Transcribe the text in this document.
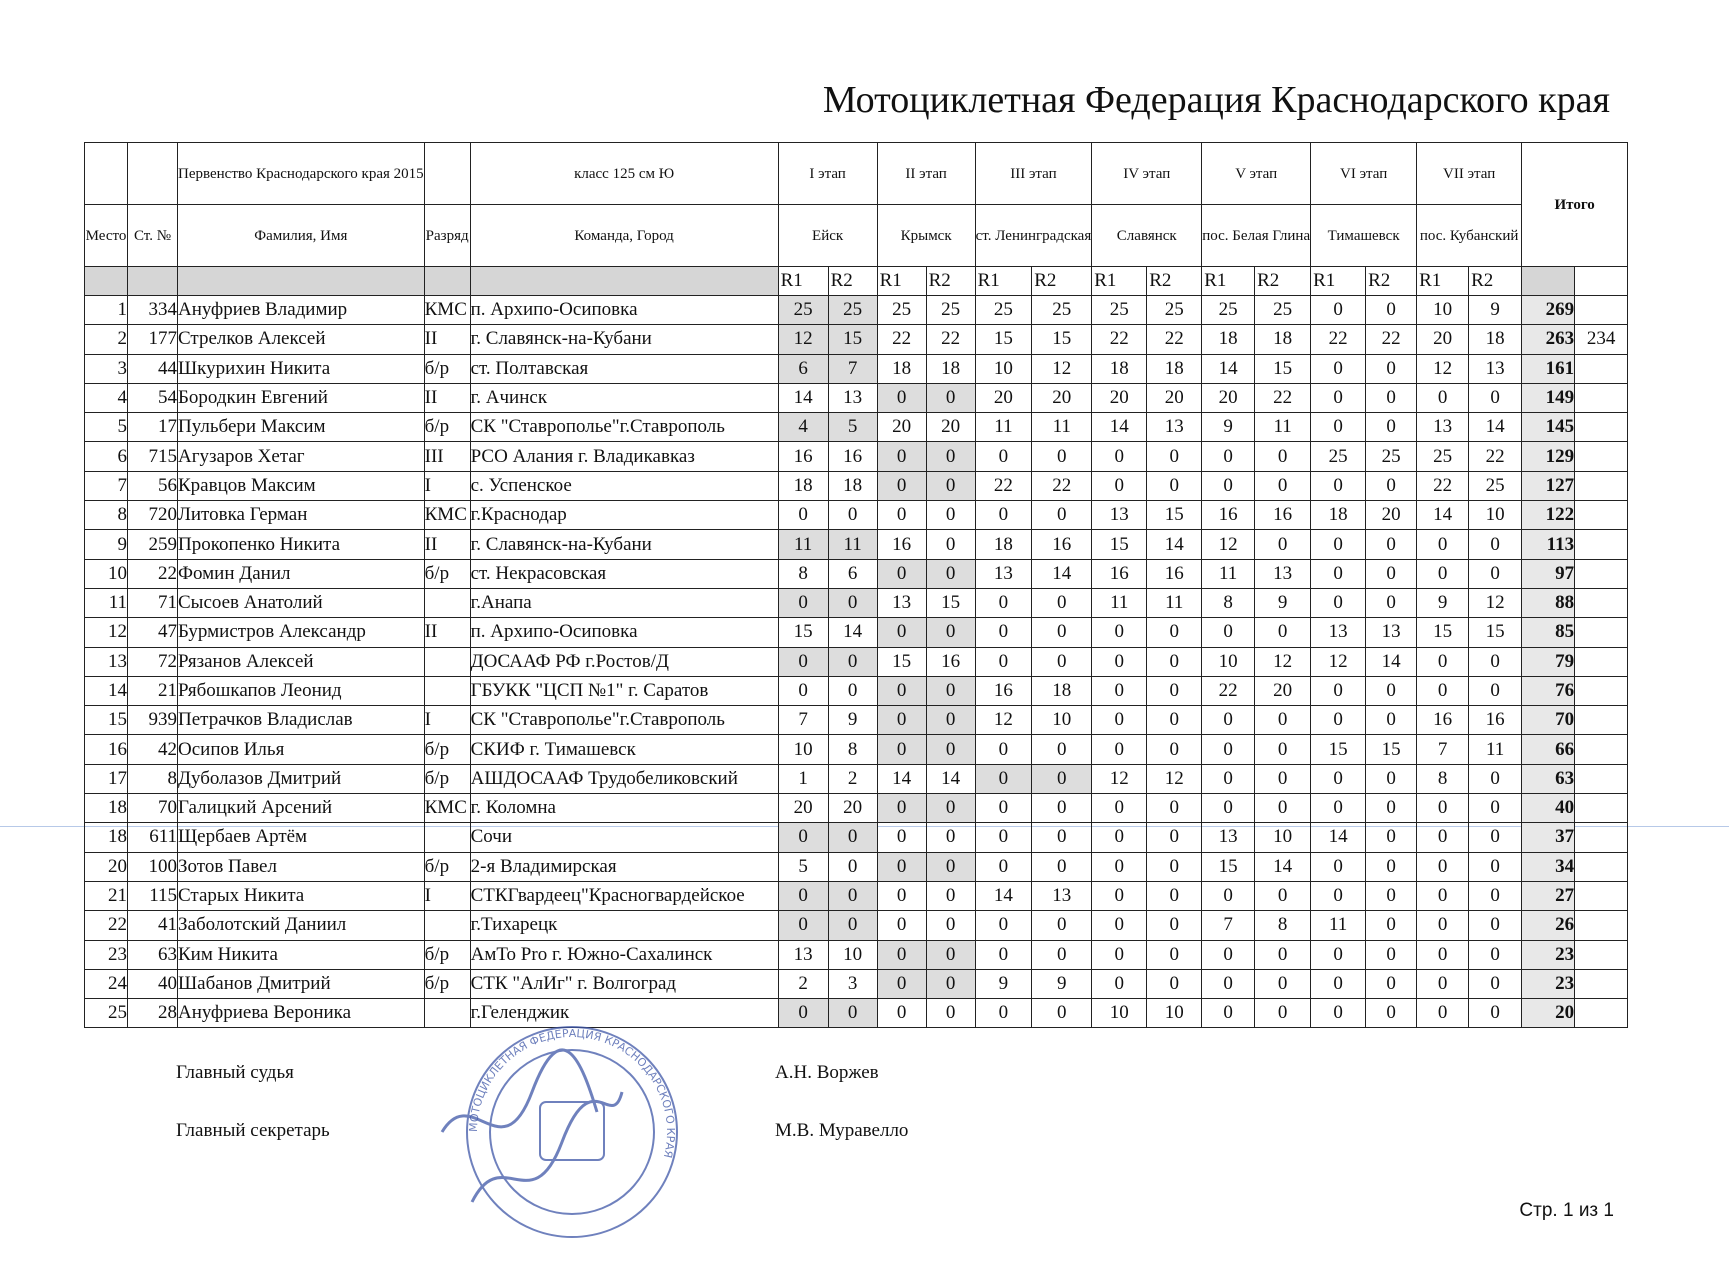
Мотоциклетная Федерация Краснодарского края
		Первенство Краснодарского края 2015		класс 125 см Ю	I этап		II этап		III этап		IV этап		V этап		VI этап		VII этап		Итого	
Место	Ст. №	Фамилия, Имя	Разряд	Команда, Город	Ейск		Крымск		ст. Ленинградская		Славянск		пос. Белая Глина		Тимашевск		пос. Кубанский			
					R1	R2	R1	R2	R1	R2	R1	R2	R1	R2	R1	R2	R1	R2		
1	334	Ануфриев Владимир	КМС	п. Архипо-Осиповка	25	25	25	25	25	25	25	25	25	25	0	0	10	9	269	
2	177	Стрелков Алексей	II	г. Славянск-на-Кубани	12	15	22	22	15	15	22	22	18	18	22	22	20	18	263	234
3	44	Шкурихин Никита	б/р	ст. Полтавская	6	7	18	18	10	12	18	18	14	15	0	0	12	13	161	
4	54	Бородкин Евгений	II	г. Ачинск	14	13	0	0	20	20	20	20	20	22	0	0	0	0	149	
5	17	Пульбери Максим	б/р	СК "Ставрополье"г.Ставрополь	4	5	20	20	11	11	14	13	9	11	0	0	13	14	145	
6	715	Агузаров Хетаг	III	РСО Алания г. Владикавказ	16	16	0	0	0	0	0	0	0	0	25	25	25	22	129	
7	56	Кравцов Максим	I	с. Успенское	18	18	0	0	22	22	0	0	0	0	0	0	22	25	127	
8	720	Литовка Герман	КМС	г.Краснодар	0	0	0	0	0	0	13	15	16	16	18	20	14	10	122	
9	259	Прокопенко Никита	II	г. Славянск-на-Кубани	11	11	16	0	18	16	15	14	12	0	0	0	0	0	113	
10	22	Фомин Данил	б/р	ст. Некрасовская	8	6	0	0	13	14	16	16	11	13	0	0	0	0	97	
11	71	Сысоев Анатолий		г.Анапа	0	0	13	15	0	0	11	11	8	9	0	0	9	12	88	
12	47	Бурмистров Александр	II	п. Архипо-Осиповка	15	14	0	0	0	0	0	0	0	0	13	13	15	15	85	
13	72	Рязанов Алексей		ДОСААФ РФ г.Ростов/Д	0	0	15	16	0	0	0	0	10	12	12	14	0	0	79	
14	21	Рябошкапов Леонид		ГБУКК "ЦСП №1" г. Саратов	0	0	0	0	16	18	0	0	22	20	0	0	0	0	76	
15	939	Петрачков Владислав	I	СК "Ставрополье"г.Ставрополь	7	9	0	0	12	10	0	0	0	0	0	0	16	16	70	
16	42	Осипов Илья	б/р	СКИФ г. Тимашевск	10	8	0	0	0	0	0	0	0	0	15	15	7	11	66	
17	8	Дуболазов Дмитрий	б/р	АШДОСААФ Трудобеликовский	1	2	14	14	0	0	12	12	0	0	0	0	8	0	63	
18	70	Галицкий Арсений	КМС	г. Коломна	20	20	0	0	0	0	0	0	0	0	0	0	0	0	40	
18	611	Щербаев Артём		Сочи	0	0	0	0	0	0	0	0	13	10	14	0	0	0	37	
20	100	Зотов Павел	б/р	2-я Владимирская	5	0	0	0	0	0	0	0	15	14	0	0	0	0	34	
21	115	Старых Никита	I	СТКГвардеец"Красногвардейское	0	0	0	0	14	13	0	0	0	0	0	0	0	0	27	
22	41	Заболотский Даниил		г.Тихарецк	0	0	0	0	0	0	0	0	7	8	11	0	0	0	26	
23	63	Ким Никита	б/р	АмТо Pro г. Южно-Сахалинск	13	10	0	0	0	0	0	0	0	0	0	0	0	0	23	
24	40	Шабанов Дмитрий	б/р	СТК "АлИг" г. Волгоград	2	3	0	0	9	9	0	0	0	0	0	0	0	0	23	
25	28	Ануфриева Вероника		г.Геленджик	0	0	0	0	0	0	10	10	0	0	0	0	0	0	20	
Главный судья	А.Н. Воржев
Главный секретарь	М.В. Муравелло
МОТОЦИКЛЕТНАЯ ФЕДЕРАЦИЯ КРАСНОДАРСКОГО КРАЯ
Стр. 1 из 1
